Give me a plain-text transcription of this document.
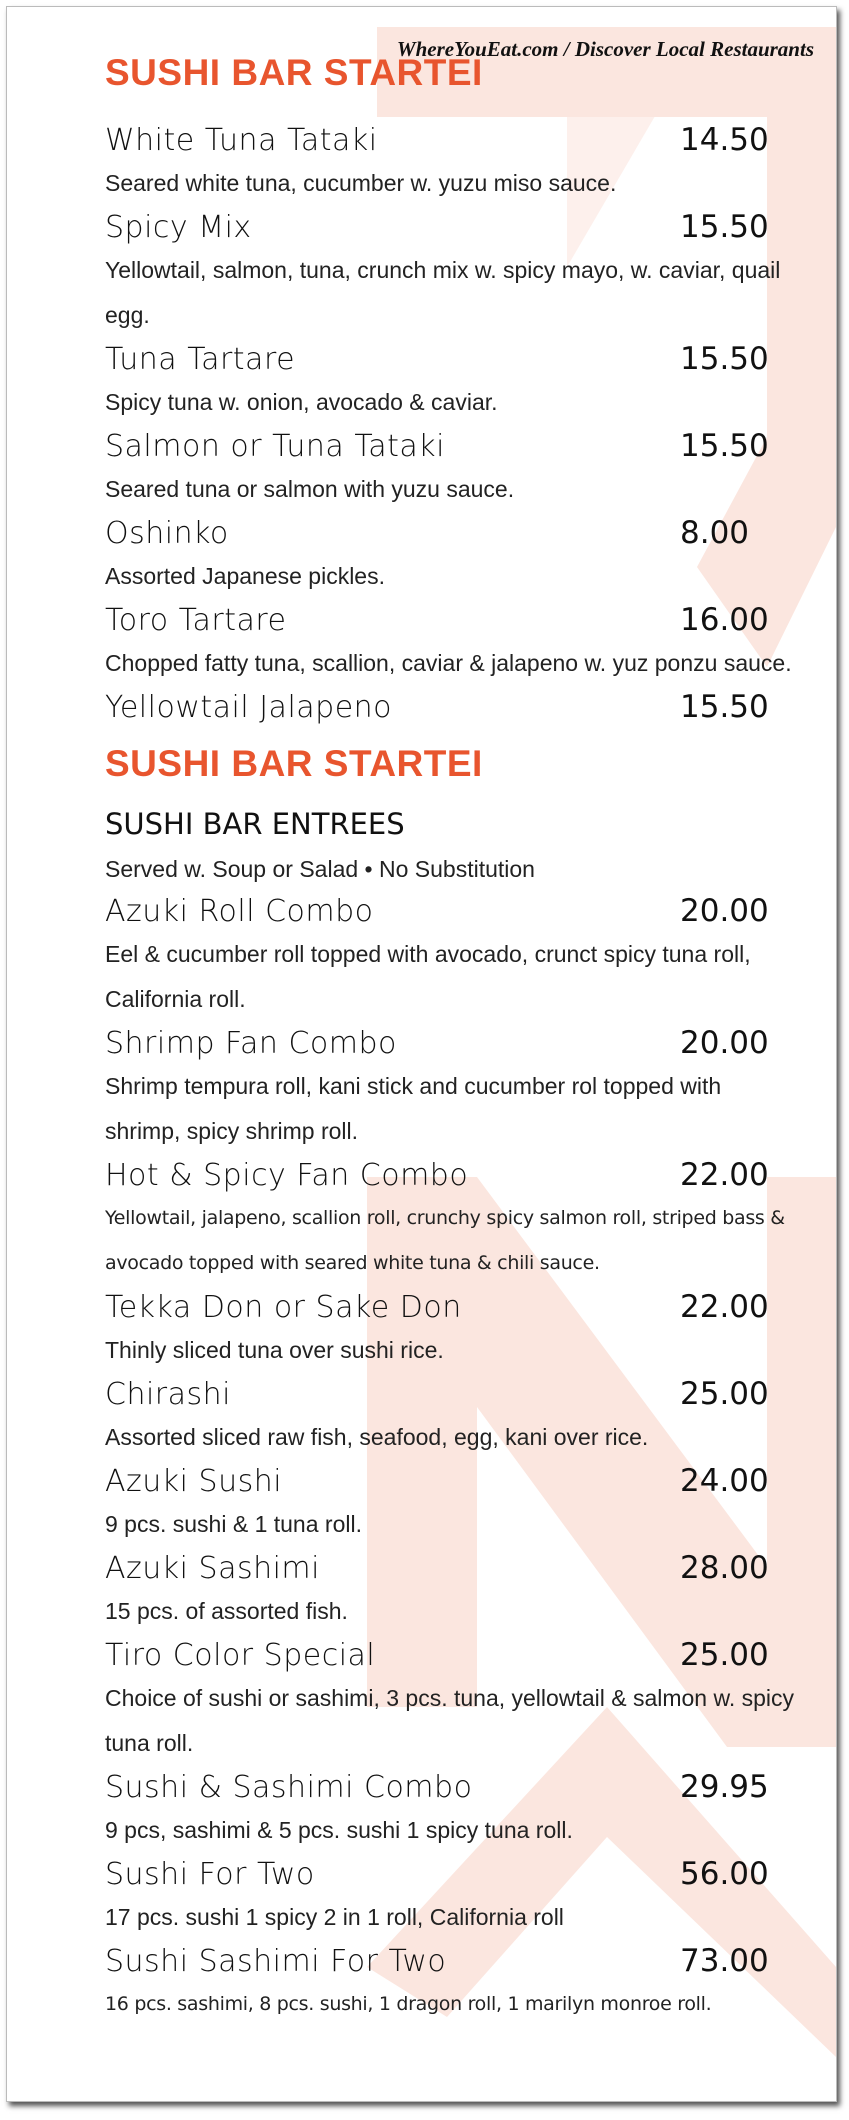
WhereYouEat.com / Discover Local Restaurants
SUSHI BAR STARTEI
White Tuna Tataki	14.50
Seared white tuna, cucumber w. yuzu miso sauce.
Spicy Mix	15.50
Yellowtail, salmon, tuna, crunch mix w. spicy mayo, w. caviar, quail egg.
Tuna Tartare	15.50
Spicy tuna w. onion, avocado & caviar.
Salmon or Tuna Tataki	15.50
Seared tuna or salmon with yuzu sauce.
Oshinko	8.00
Assorted Japanese pickles.
Toro Tartare	16.00
Chopped fatty tuna, scallion, caviar & jalapeno w. yuz ponzu sauce.
Yellowtail Jalapeno	15.50
SUSHI BAR STARTEI
SUSHI BAR ENTREES
Served w. Soup or Salad • No Substitution
Azuki Roll Combo	20.00
Eel & cucumber roll topped with avocado, crunct spicy tuna roll, California roll.
Shrimp Fan Combo	20.00
Shrimp tempura roll, kani stick and cucumber rol topped with shrimp, spicy shrimp roll.
Hot & Spicy Fan Combo	22.00
Yellowtail, jalapeno, scallion roll, crunchy spicy salmon roll, striped bass & avocado topped with seared white tuna & chili sauce.
Tekka Don or Sake Don	22.00
Thinly sliced tuna over sushi rice.
Chirashi	25.00
Assorted sliced raw fish, seafood, egg, kani over rice.
Azuki Sushi	24.00
9 pcs. sushi & 1 tuna roll.
Azuki Sashimi	28.00
15 pcs. of assorted fish.
Tiro Color Special	25.00
Choice of sushi or sashimi, 3 pcs. tuna, yellowtail & salmon w. spicy tuna roll.
Sushi & Sashimi Combo	29.95
9 pcs, sashimi & 5 pcs. sushi 1 spicy tuna roll.
Sushi For Two	56.00
17 pcs. sushi 1 spicy 2 in 1 roll, California roll
Sushi Sashimi For Two	73.00
16 pcs. sashimi, 8 pcs. sushi, 1 dragon roll, 1 marilyn monroe roll.
